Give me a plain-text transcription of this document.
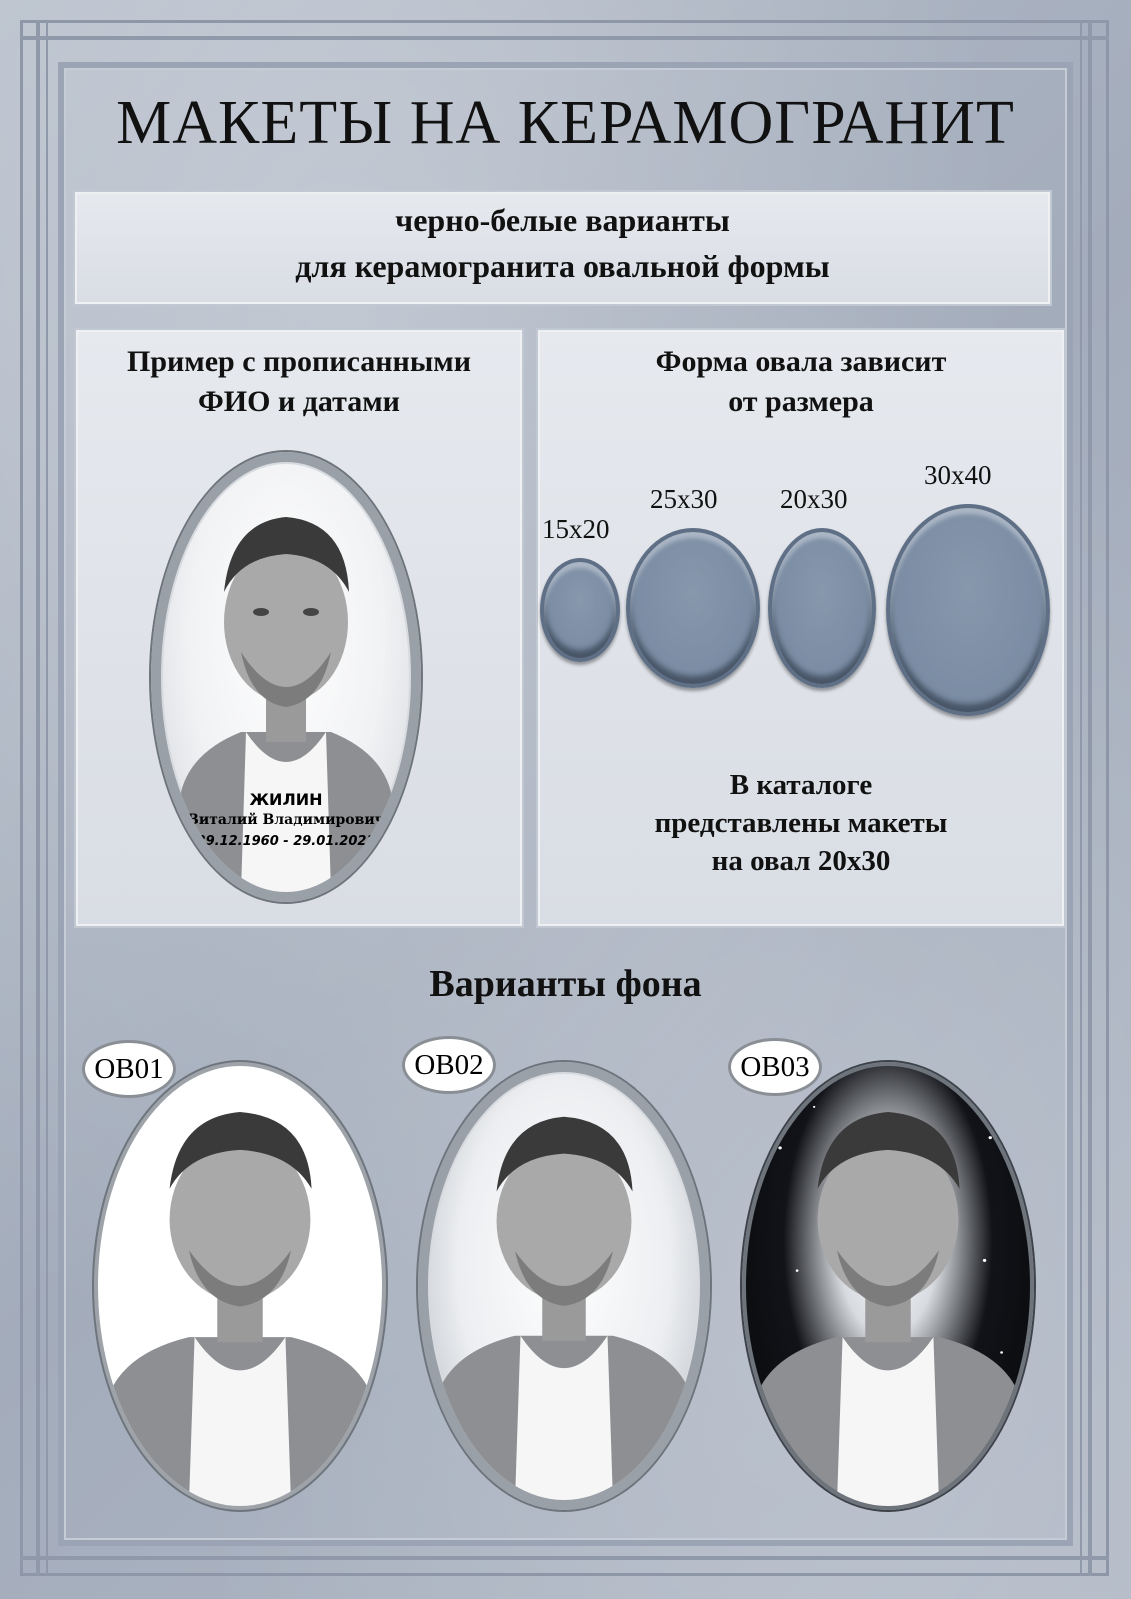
МАКЕТЫ НА КЕРАМОГРАНИТ
черно-белые варианты
для керамогранита овальной формы
Пример с прописанными
ФИО и датами
ЖИЛИН
Виталий Владимирович
29.12.1960 - 29.01.2021
Форма овала зависит
от размера
15x20
25x30 20x30
30x40
В каталоге
представлены макеты
на овал 20x30
Варианты фона
ОВ01	ОВ02	ОВ03
